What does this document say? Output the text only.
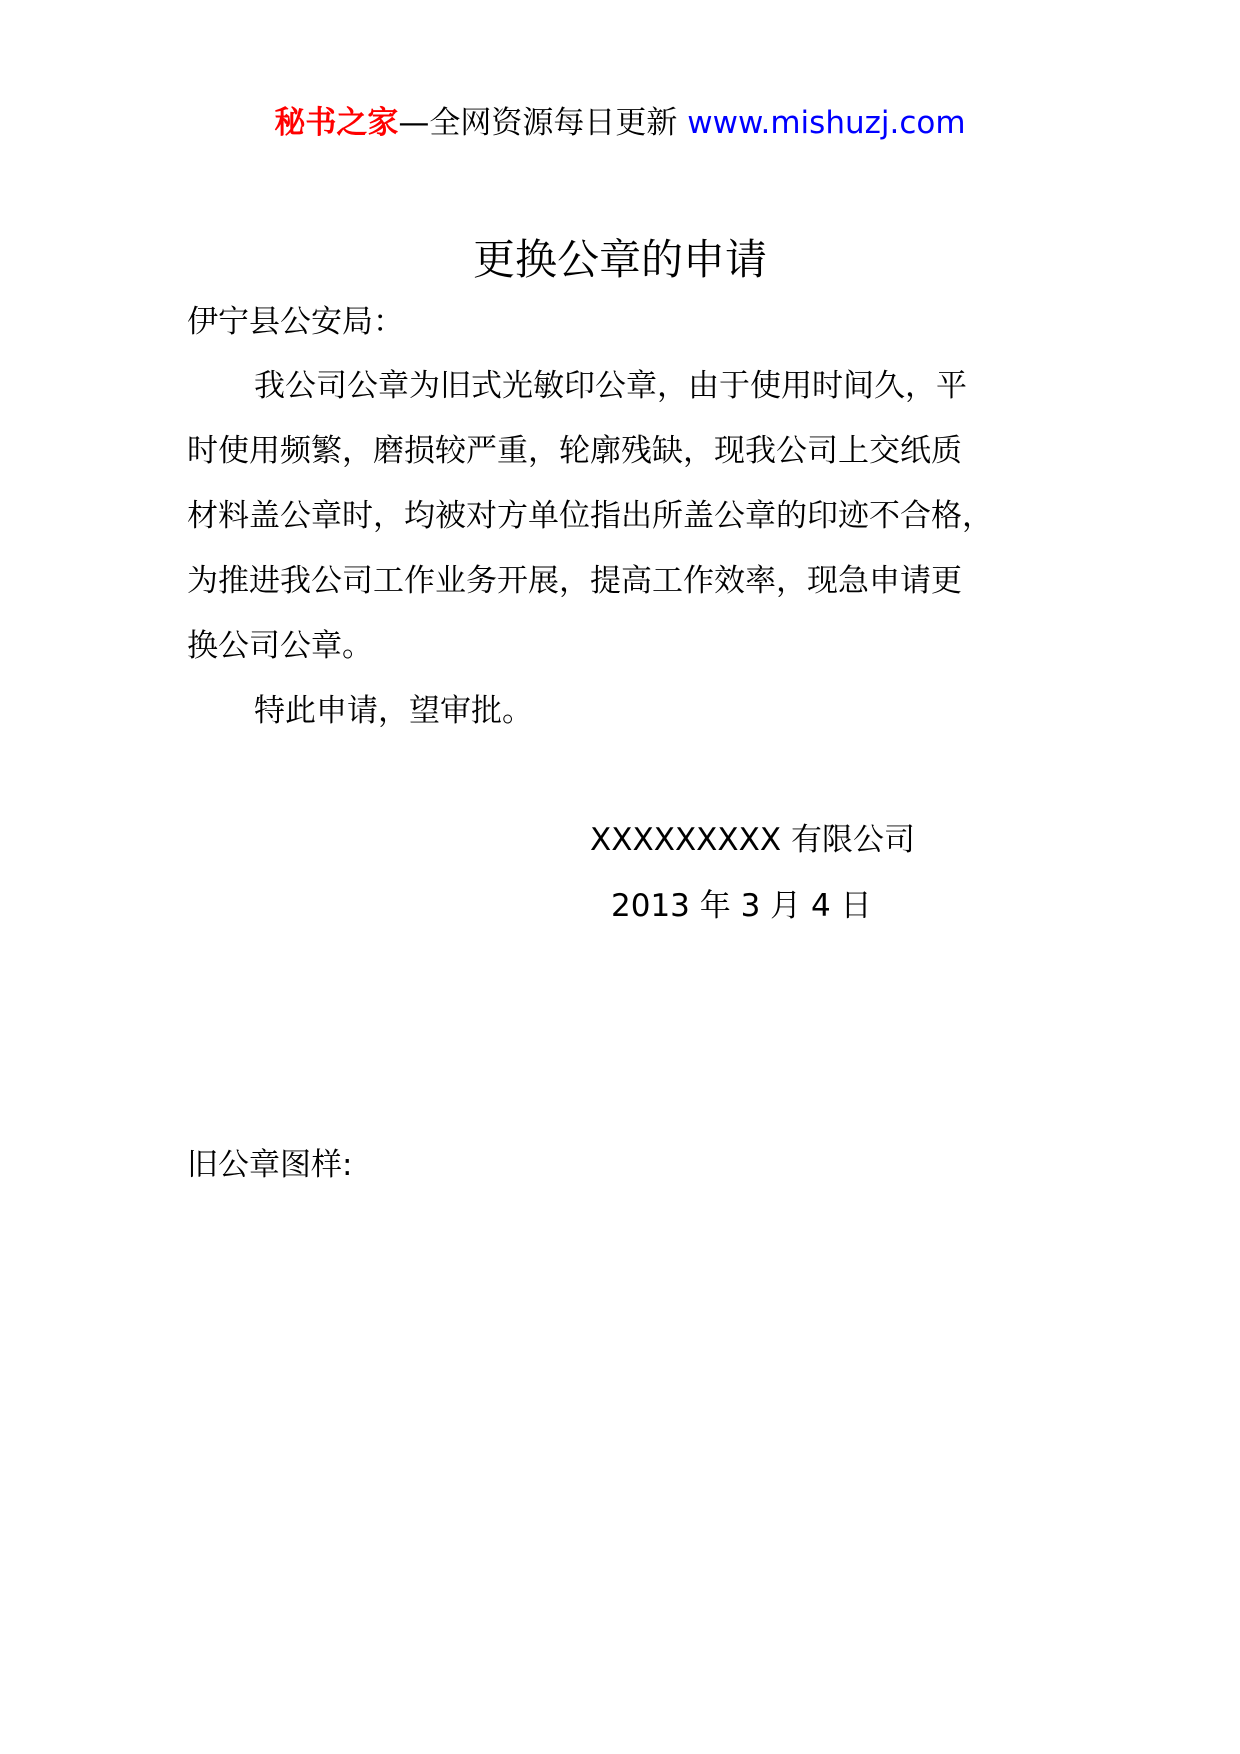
秘书之家—全网资源每日更新 www.mishuzj.com
更换公章的申请
伊宁县公安局：
我公司公章为旧式光敏印公章，由于使用时间久，平
时使用频繁，磨损较严重，轮廓残缺，现我公司上交纸质
材料盖公章时，均被对方单位指出所盖公章的印迹不合格，
为推进我公司工作业务开展，提高工作效率，现急申请更
换公司公章。
特此申请，望审批。
XXXXXXXXX 有限公司
2013 年 3 月 4 日
旧公章图样:
